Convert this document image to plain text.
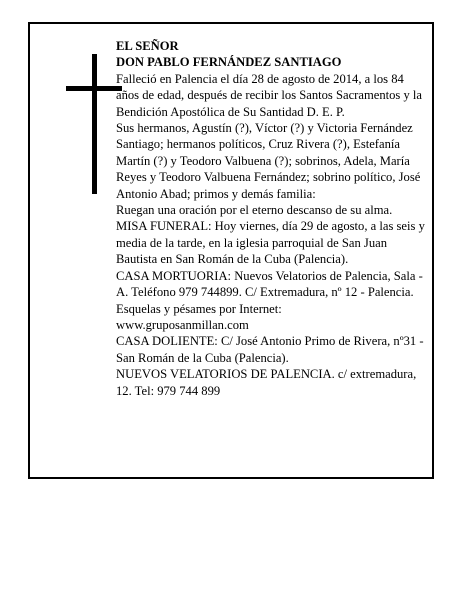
EL SEÑOR

DON PABLO FERNÁNDEZ SANTIAGO

Falleció en Palencia el día 28 de agosto de 2014, a los 84 años de edad, después de recibir los Santos Sacramentos y la Bendición Apostólica de Su Santidad D. E. P.

Sus hermanos, Agustín (?), Víctor (?) y Victoria Fernández Santiago; hermanos políticos, Cruz Rivera (?), Estefanía Martín (?) y Teodoro Valbuena (?); sobrinos, Adela, María Reyes y Teodoro Valbuena Fernández; sobrino político, José Antonio Abad; primos y demás familia:

Ruegan una oración por el eterno descanso de su alma.

MISA FUNERAL: Hoy viernes, día 29 de agosto, a las seis y media de la tarde, en la iglesia parroquial de San Juan Bautista en San Román de la Cuba (Palencia).

CASA MORTUORIA: Nuevos Velatorios de Palencia, Sala - A. Teléfono 979 744899. C/ Extremadura, nº 12 - Palencia.

Esquelas y pésames por Internet:

www.gruposanmillan.com

CASA DOLIENTE: C/ José Antonio Primo de Rivera, nº31 - San Román de la Cuba (Palencia).

NUEVOS VELATORIOS DE PALENCIA. c/ extremadura, 12. Tel: 979 744 899
